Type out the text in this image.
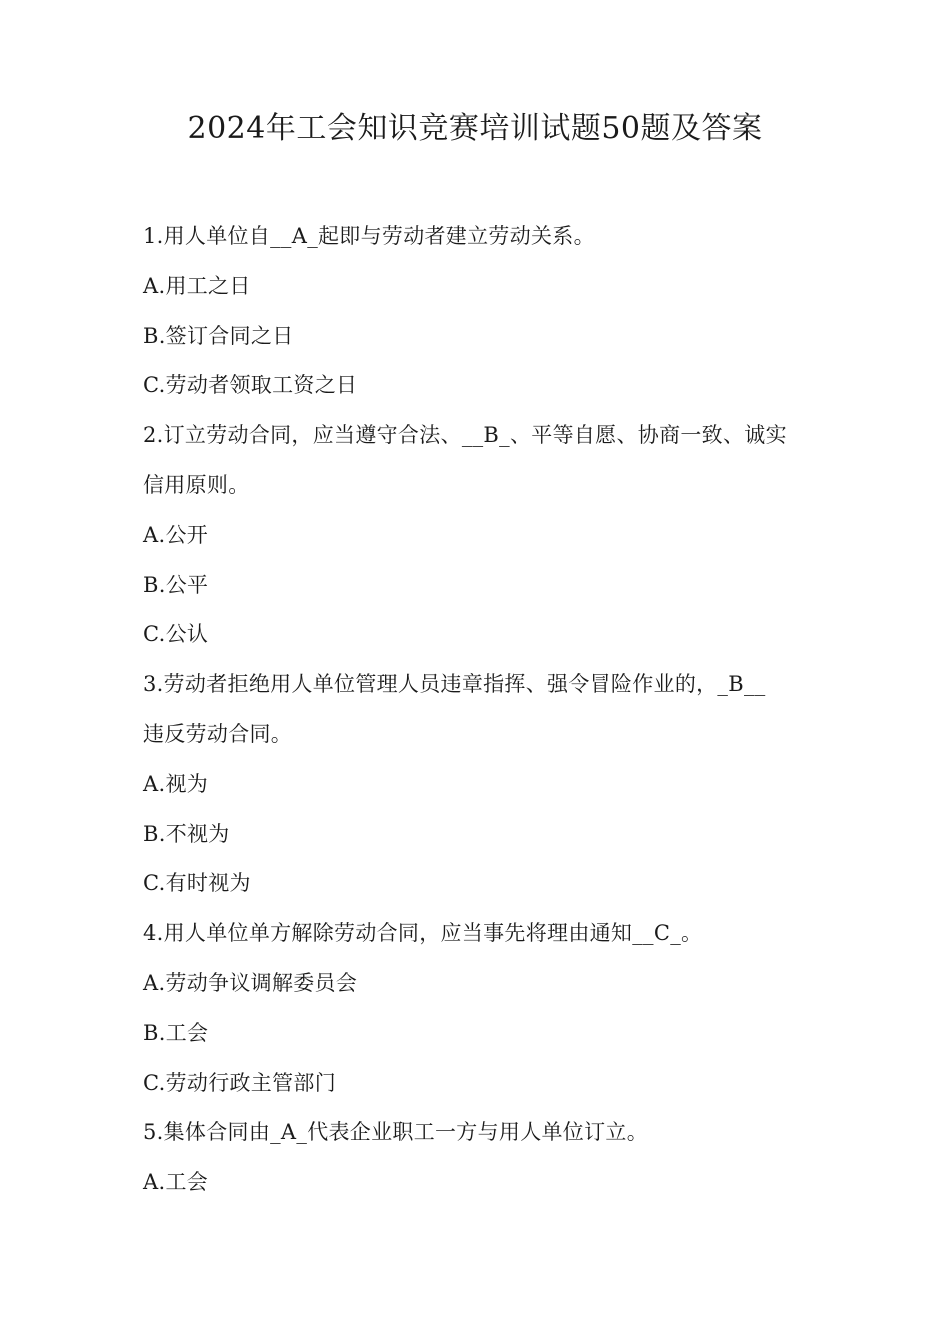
2024年工会知识竞赛培训试题50题及答案
1.用人单位自__A_起即与劳动者建立劳动关系。
A.用工之日
B.签订合同之日
C.劳动者领取工资之日
2.订立劳动合同，应当遵守合法、__B_、平等自愿、协商一致、诚实
信用原则。
A.公开
B.公平
C.公认
3.劳动者拒绝用人单位管理人员违章指挥、强令冒险作业的，_B__
违反劳动合同。
A.视为
B.不视为
C.有时视为
4.用人单位单方解除劳动合同，应当事先将理由通知__C_。
A.劳动争议调解委员会
B.工会
C.劳动行政主管部门
5.集体合同由_A_代表企业职工一方与用人单位订立。
A.工会
